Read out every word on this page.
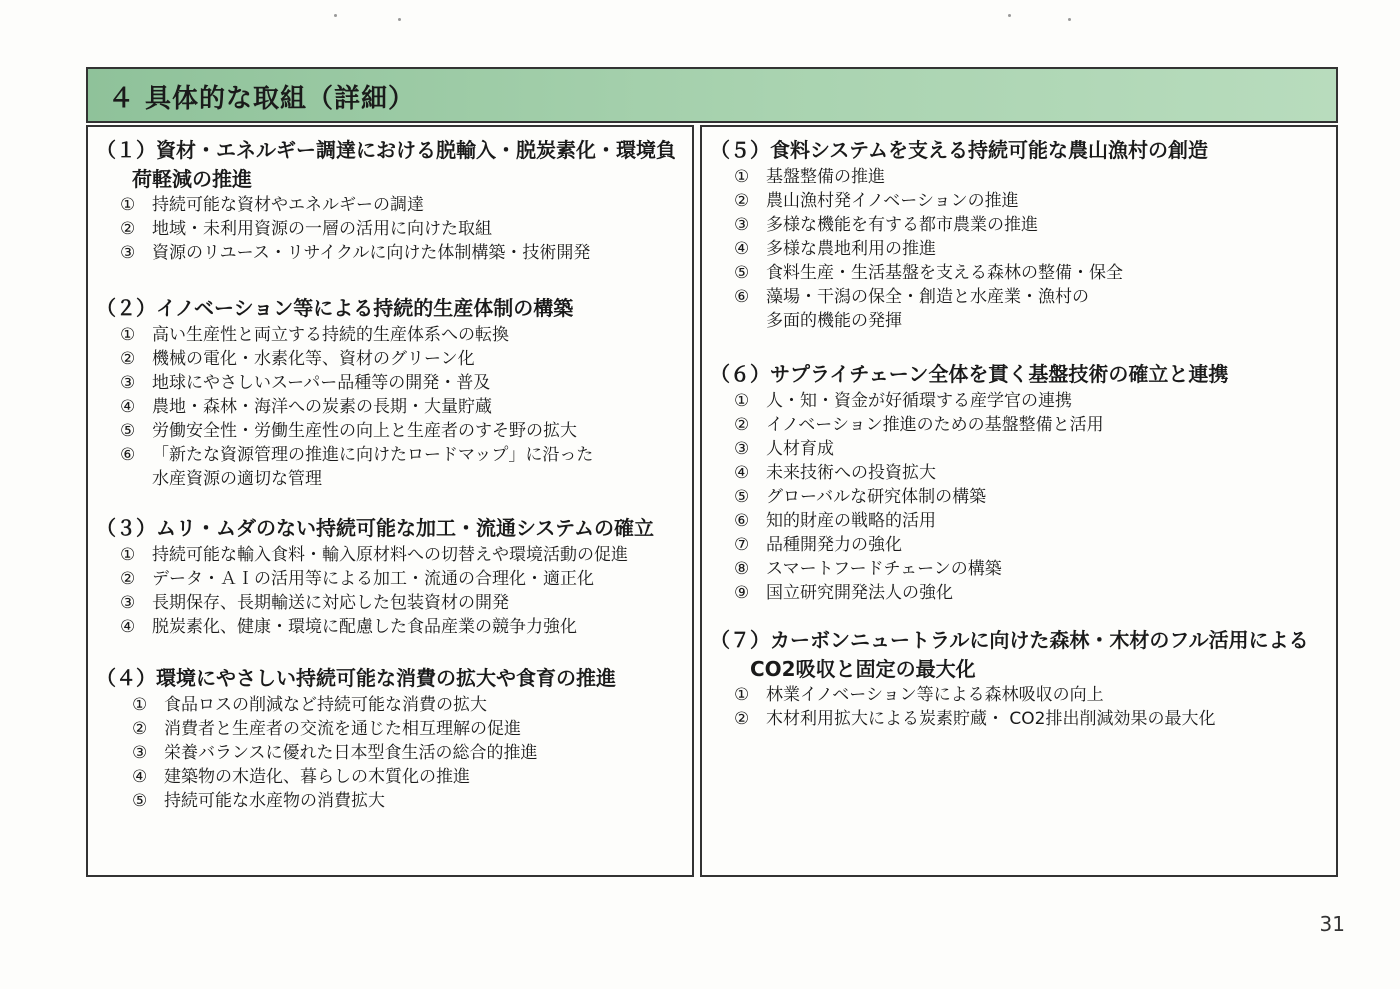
４ 具体的な取組（詳細）
（１）資材・エネルギー調達における脱輸入・脱炭素化・環境負
荷軽減の推進
① 持続可能な資材やエネルギーの調達
② 地域・未利用資源の一層の活用に向けた取組
③ 資源のリユース・リサイクルに向けた体制構築・技術開発
（２）イノベーション等による持続的生産体制の構築
① 高い生産性と両立する持続的生産体系への転換
② 機械の電化・水素化等、資材のグリーン化
③ 地球にやさしいスーパー品種等の開発・普及
④ 農地・森林・海洋への炭素の長期・大量貯蔵
⑤ 労働安全性・労働生産性の向上と生産者のすそ野の拡大
⑥ 「新たな資源管理の推進に向けたロードマップ」に沿った
水産資源の適切な管理
（３）ムリ・ムダのない持続可能な加工・流通システムの確立
① 持続可能な輸入食料・輸入原材料への切替えや環境活動の促進
② データ・ＡＩの活用等による加工・流通の合理化・適正化
③ 長期保存、長期輸送に対応した包装資材の開発
④ 脱炭素化、健康・環境に配慮した食品産業の競争力強化
（４）環境にやさしい持続可能な消費の拡大や食育の推進
① 食品ロスの削減など持続可能な消費の拡大
② 消費者と生産者の交流を通じた相互理解の促進
③ 栄養バランスに優れた日本型食生活の総合的推進
④ 建築物の木造化、暮らしの木質化の推進
⑤ 持続可能な水産物の消費拡大
（５）食料システムを支える持続可能な農山漁村の創造
① 基盤整備の推進
② 農山漁村発イノベーションの推進
③ 多様な機能を有する都市農業の推進
④ 多様な農地利用の推進
⑤ 食料生産・生活基盤を支える森林の整備・保全
⑥ 藻場・干潟の保全・創造と水産業・漁村の
多面的機能の発揮
（６）サプライチェーン全体を貫く基盤技術の確立と連携
① 人・知・資金が好循環する産学官の連携
② イノベーション推進のための基盤整備と活用
③ 人材育成
④ 未来技術への投資拡大
⑤ グローバルな研究体制の構築
⑥ 知的財産の戦略的活用
⑦ 品種開発力の強化
⑧ スマートフードチェーンの構築
⑨ 国立研究開発法人の強化
（７）カーボンニュートラルに向けた森林・木材のフル活用による
CO2吸収と固定の最大化
① 林業イノベーション等による森林吸収の向上
② 木材利用拡大による炭素貯蔵・ CO2排出削減効果の最大化
31
